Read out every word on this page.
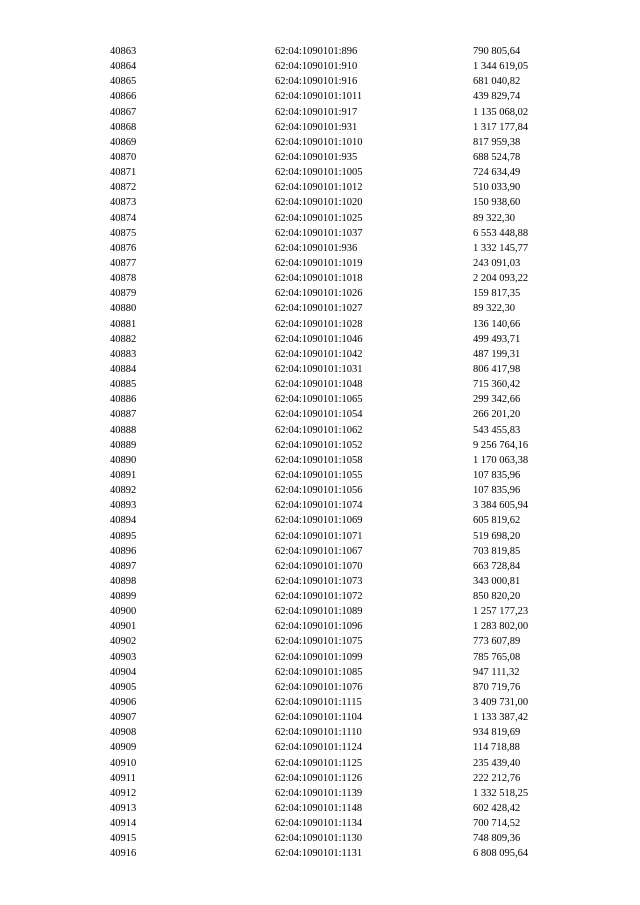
40863	62:04:1090101:896	790 805,64
40864	62:04:1090101:910	1 344 619,05
40865	62:04:1090101:916	681 040,82
40866	62:04:1090101:1011	439 829,74
40867	62:04:1090101:917	1 135 068,02
40868	62:04:1090101:931	1 317 177,84
40869	62:04:1090101:1010	817 959,38
40870	62:04:1090101:935	688 524,78
40871	62:04:1090101:1005	724 634,49
40872	62:04:1090101:1012	510 033,90
40873	62:04:1090101:1020	150 938,60
40874	62:04:1090101:1025	89 322,30
40875	62:04:1090101:1037	6 553 448,88
40876	62:04:1090101:936	1 332 145,77
40877	62:04:1090101:1019	243 091,03
40878	62:04:1090101:1018	2 204 093,22
40879	62:04:1090101:1026	159 817,35
40880	62:04:1090101:1027	89 322,30
40881	62:04:1090101:1028	136 140,66
40882	62:04:1090101:1046	499 493,71
40883	62:04:1090101:1042	487 199,31
40884	62:04:1090101:1031	806 417,98
40885	62:04:1090101:1048	715 360,42
40886	62:04:1090101:1065	299 342,66
40887	62:04:1090101:1054	266 201,20
40888	62:04:1090101:1062	543 455,83
40889	62:04:1090101:1052	9 256 764,16
40890	62:04:1090101:1058	1 170 063,38
40891	62:04:1090101:1055	107 835,96
40892	62:04:1090101:1056	107 835,96
40893	62:04:1090101:1074	3 384 605,94
40894	62:04:1090101:1069	605 819,62
40895	62:04:1090101:1071	519 698,20
40896	62:04:1090101:1067	703 819,85
40897	62:04:1090101:1070	663 728,84
40898	62:04:1090101:1073	343 000,81
40899	62:04:1090101:1072	850 820,20
40900	62:04:1090101:1089	1 257 177,23
40901	62:04:1090101:1096	1 283 802,00
40902	62:04:1090101:1075	773 607,89
40903	62:04:1090101:1099	785 765,08
40904	62:04:1090101:1085	947 111,32
40905	62:04:1090101:1076	870 719,76
40906	62:04:1090101:1115	3 409 731,00
40907	62:04:1090101:1104	1 133 387,42
40908	62:04:1090101:1110	934 819,69
40909	62:04:1090101:1124	114 718,88
40910	62:04:1090101:1125	235 439,40
40911	62:04:1090101:1126	222 212,76
40912	62:04:1090101:1139	1 332 518,25
40913	62:04:1090101:1148	602 428,42
40914	62:04:1090101:1134	700 714,52
40915	62:04:1090101:1130	748 809,36
40916	62:04:1090101:1131	6 808 095,64
